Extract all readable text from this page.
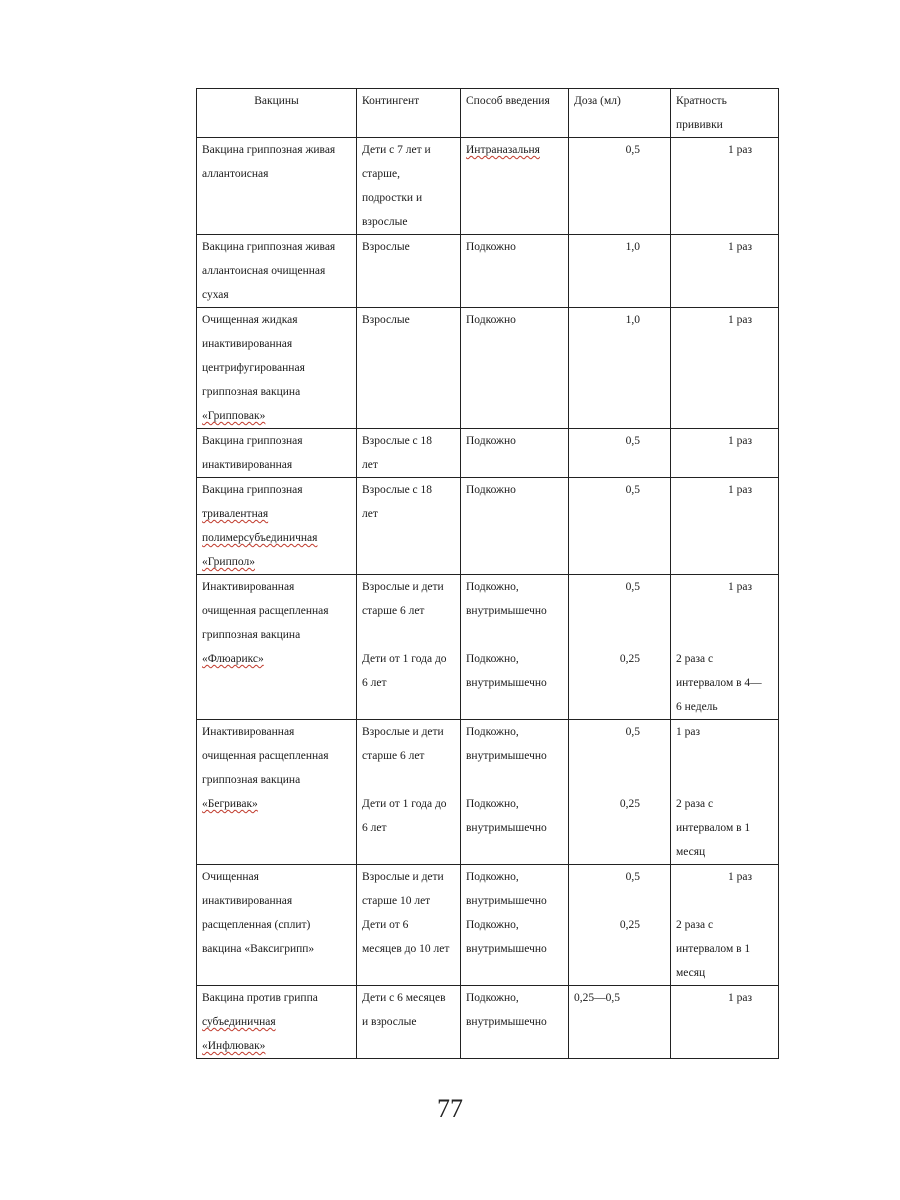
Вакцины	Контингент	Способ введения	Доза (мл)	Кратность
прививки

Вакцина гриппозная живая
аллантоисная	Дети с 7 лет и
старше,
подростки и
взрослые	Интраназальня	0,5	1 раз

Вакцина гриппозная живая
аллантоисная очищенная
сухая	Взрослые	Подкожно	1,0	1 раз

Очищенная жидкая
инактивированная
центрифугированная
гриппозная вакцина
«Грипповак»	Взрослые	Подкожно	1,0	1 раз

Вакцина гриппозная
инактивированная	Взрослые с 18
лет	Подкожно	0,5	1 раз

Вакцина гриппозная
тривалентная
полимерсубъединичная
«Гриппол»	Взрослые с 18
лет	Подкожно	0,5	1 раз

Инактивированная
очищенная расщепленная
гриппозная вакцина
«Флюарикс»	Взрослые и дети
старше 6 лет
Дети от 1 года до
6 лет	Подкожно,
внутримышечно
Подкожно,
внутримышечно	0,5
0,25	1 раз
2 раза с
интервалом в 4—
6 недель

Инактивированная
очищенная расщепленная
гриппозная вакцина
«Бегривак»	Взрослые и дети
старше 6 лет
Дети от 1 года до
6 лет	Подкожно,
внутримышечно
Подкожно,
внутримышечно	0,5
0,25	1 раз
2 раза с
интервалом в 1
месяц

Очищенная
инактивированная
расщепленная (сплит)
вакцина «Ваксигрипп»	Взрослые и дети
старше 10 лет
Дети от 6
месяцев до 10 лет	Подкожно,
внутримышечно
Подкожно,
внутримышечно	0,5
0,25	1 раз
2 раза с
интервалом в 1
месяц

Вакцина против гриппа
субъединичная
«Инфлювак»	Дети с 6 месяцев
и взрослые	Подкожно,
внутримышечно	0,25—0,5	1 раз
77
